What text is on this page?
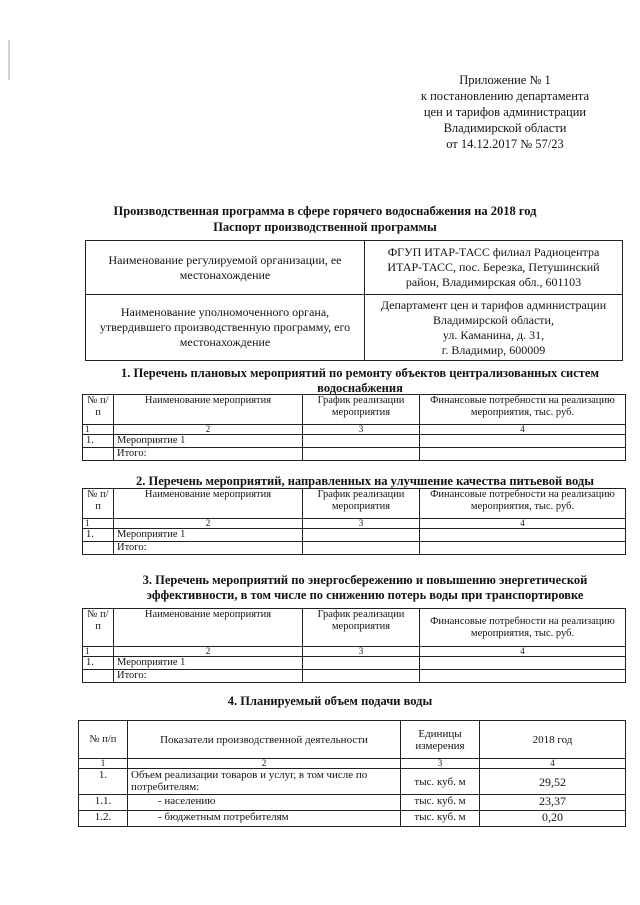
Приложение № 1
к постановлению департамента
цен и тарифов администрации
Владимирской области
от 14.12.2017 № 57/23
Производственная программа в сфере горячего водоснабжения на 2018 год
Паспорт производственной программы
Наименование регулируемой организации, ее местонахождение	ФГУП ИТАР-ТАСС филиал Радиоцентра
ИТАР-ТАСС, пос. Березка, Петушинский
район, Владимирская обл., 601103

Наименование уполномоченного органа, утвердившего производственную программу, его местонахождение	Департамент цен и тарифов администрации
Владимирской области,
ул. Каманина, д. 31,
г. Владимир, 600009
1. Перечень плановых мероприятий по ремонту объектов централизованных систем
водоснабжения
№ п/п	Наименование мероприятия	График реализации мероприятия	Финансовые потребности на реализацию мероприятия, тыс. руб.
1	2	3	4
1.	Мероприятие 1		
	Итого:		
2. Перечень мероприятий, направленных на улучшение качества питьевой воды
№ п/п	Наименование мероприятия	График реализации мероприятия	Финансовые потребности на реализацию мероприятия, тыс. руб.
1	2	3	4
1.	Мероприятие 1		
	Итого:		
3. Перечень мероприятий по энергосбережению и повышению энергетической
эффективности, в том числе по снижению потерь воды при транспортировке
№ п/п	Наименование мероприятия	График реализации мероприятия	Финансовые потребности на реализацию мероприятия, тыс. руб.
1	2	3	4
1.	Мероприятие 1		
	Итого:		
4. Планируемый объем подачи воды
№ п/п	Показатели производственной деятельности	Единицы измерения	2018 год
1	2	3	4
1.	Объем реализации товаров и услуг, в том числе по потребителям:	тыс. куб. м	29,52
1.1.	- населению	тыс. куб. м	23,37
1.2.	- бюджетным потребителям	тыс. куб. м	0,20
